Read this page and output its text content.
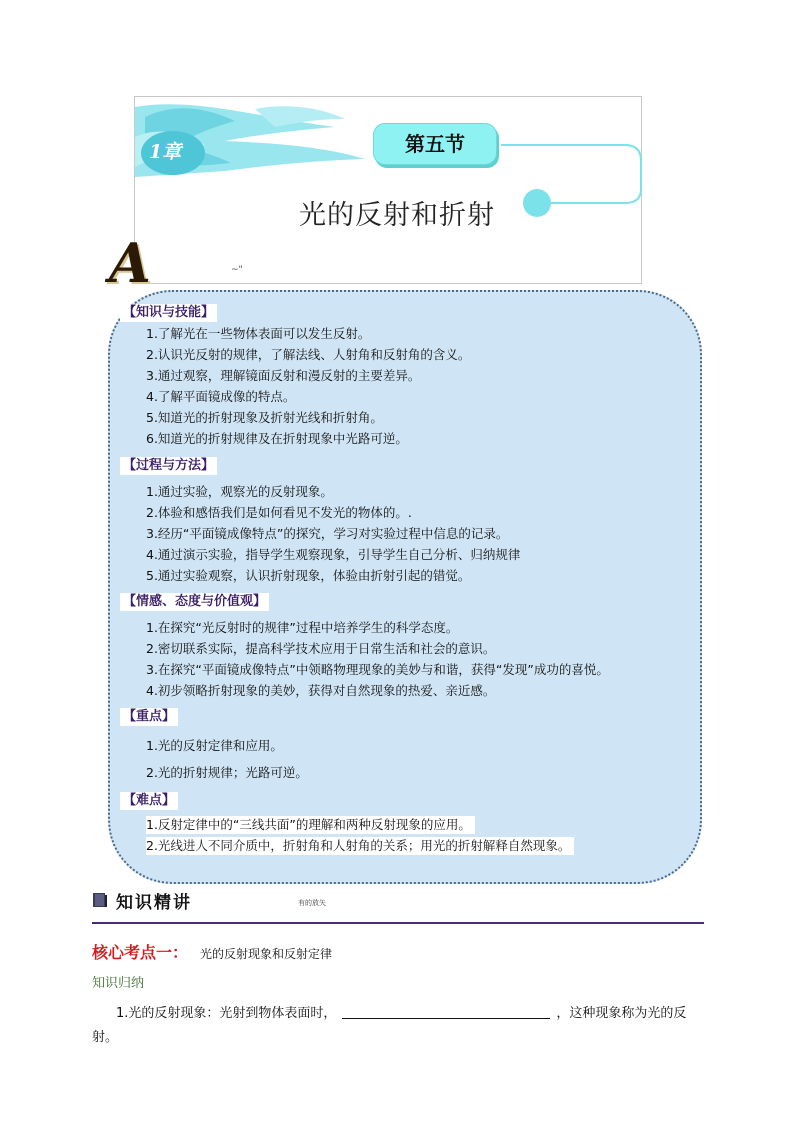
1章	第五节
光的反射和折射
A	~"
【知识与技能】
1.了解光在一些物体表面可以发生反射。
2.认识光反射的规律，了解法线、人射角和反射角的含义。
3.通过观察，理解镜面反射和漫反射的主要差异。
4.了解平面镜成像的特点。
5.知道光的折射现象及折射光线和折射角。
6.知道光的折射规律及在折射现象中光路可逆。
【过程与方法】
1.通过实验，观察光的反射现象。
2.体验和感悟我们是如何看见不发光的物体的。.
3.经历“平面镜成像特点”的探究，学习对实验过程中信息的记录。
4.通过演示实验，指导学生观察现象，引导学生自己分析、归纳规律
5.通过实验观察，认识折射现象，体验由折射引起的错觉。
【情感、态度与价值观】
1.在探究“光反射时的规律”过程中培养学生的科学态度。
2.密切联系实际，提高科学技术应用于日常生活和社会的意识。
3.在探究“平面镜成像特点”中领略物理现象的美妙与和谐，获得“发现”成功的喜悦。
4.初步领略折射现象的美妙，获得对自然现象的热爱、亲近感。
【重点】
1.光的反射定律和应用。
2.光的折射规律；光路可逆。
【难点】
1.反射定律中的“三线共面”的理解和两种反射现象的应用。
2.光线进人不同介质中，折射角和人射角的关系；用光的折射解释自然现象。
知识精讲	有的放矢
核心考点一： 光的反射现象和反射定律
知识归纳
1.光的反射现象：光射到物体表面时，	，这种现象称为光的反
射。
